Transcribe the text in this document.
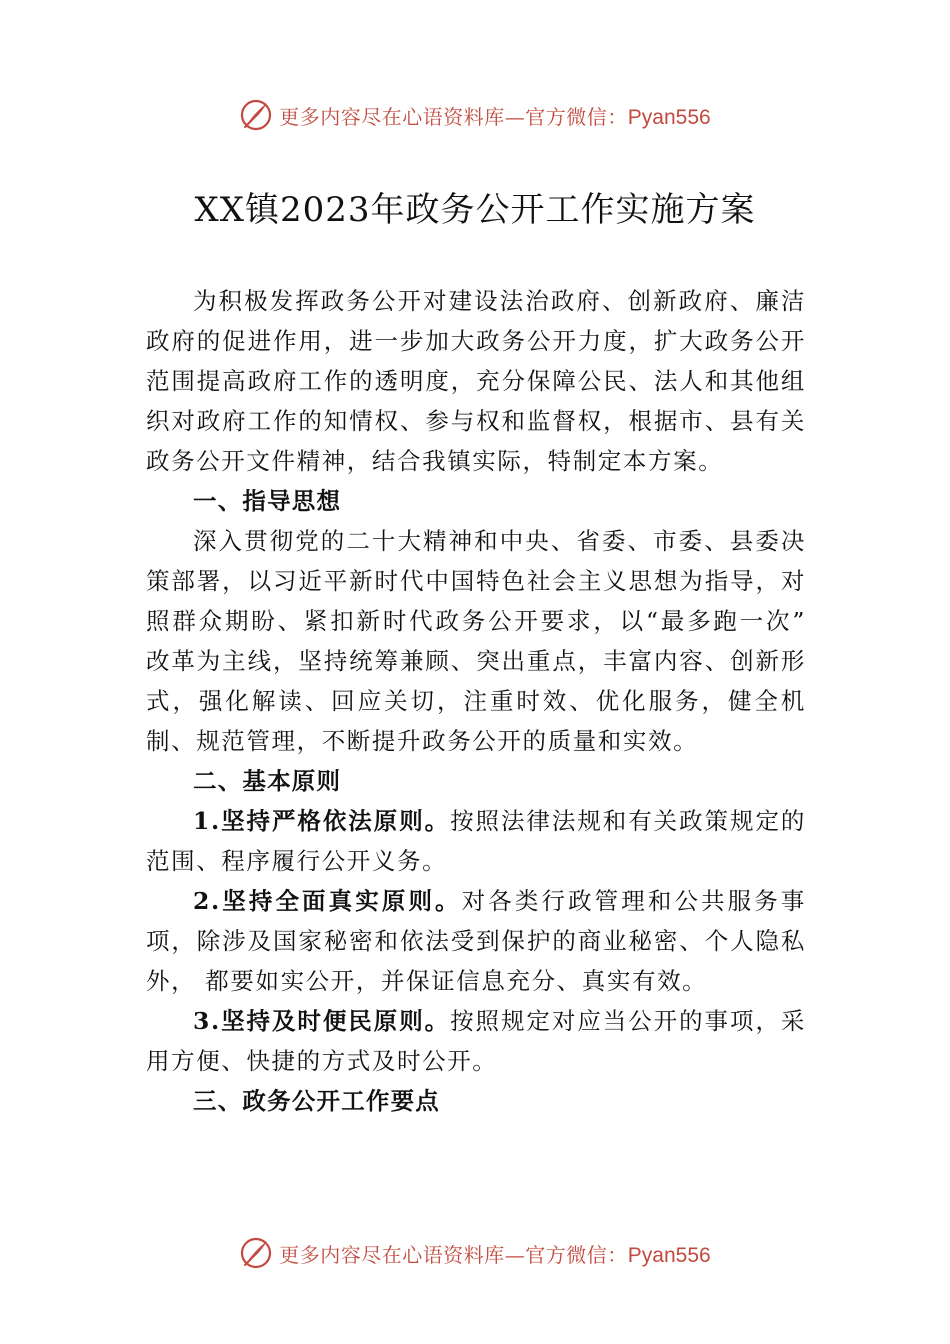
更多内容尽在心语资料库—官方微信：Pyan556
XX镇2023年政务公开工作实施方案

为积极发挥政务公开对建设法治政府、创新政府、廉洁政府的促进作用，进一步加大政务公开力度，扩大政务公开范围提高政府工作的透明度，充分保障公民、法人和其他组织对政府工作的知情权、参与权和监督权，根据市、县有关政务公开文件精神，结合我镇实际，特制定本方案。

一、指导思想

深入贯彻党的二十大精神和中央、省委、市委、县委决策部署，以习近平新时代中国特色社会主义思想为指导，对照群众期盼、紧扣新时代政务公开要求，以“最多跑一次” 改革为主线，坚持统筹兼顾、突出重点，丰富内容、创新形式，强化解读、回应关切，注重时效、优化服务，健全机制、规范管理，不断提升政务公开的质量和实效。

二、基本原则

1.坚持严格依法原则。按照法律法规和有关政策规定的范围、程序履行公开义务。

2.坚持全面真实原则。对各类行政管理和公共服务事项，除涉及国家秘密和依法受到保护的商业秘密、个人隐私外， 都要如实公开，并保证信息充分、真实有效。

3.坚持及时便民原则。按照规定对应当公开的事项，采用方便、快捷的方式及时公开。

三、政务公开工作要点

更多内容尽在心语资料库—官方微信：Pyan556
